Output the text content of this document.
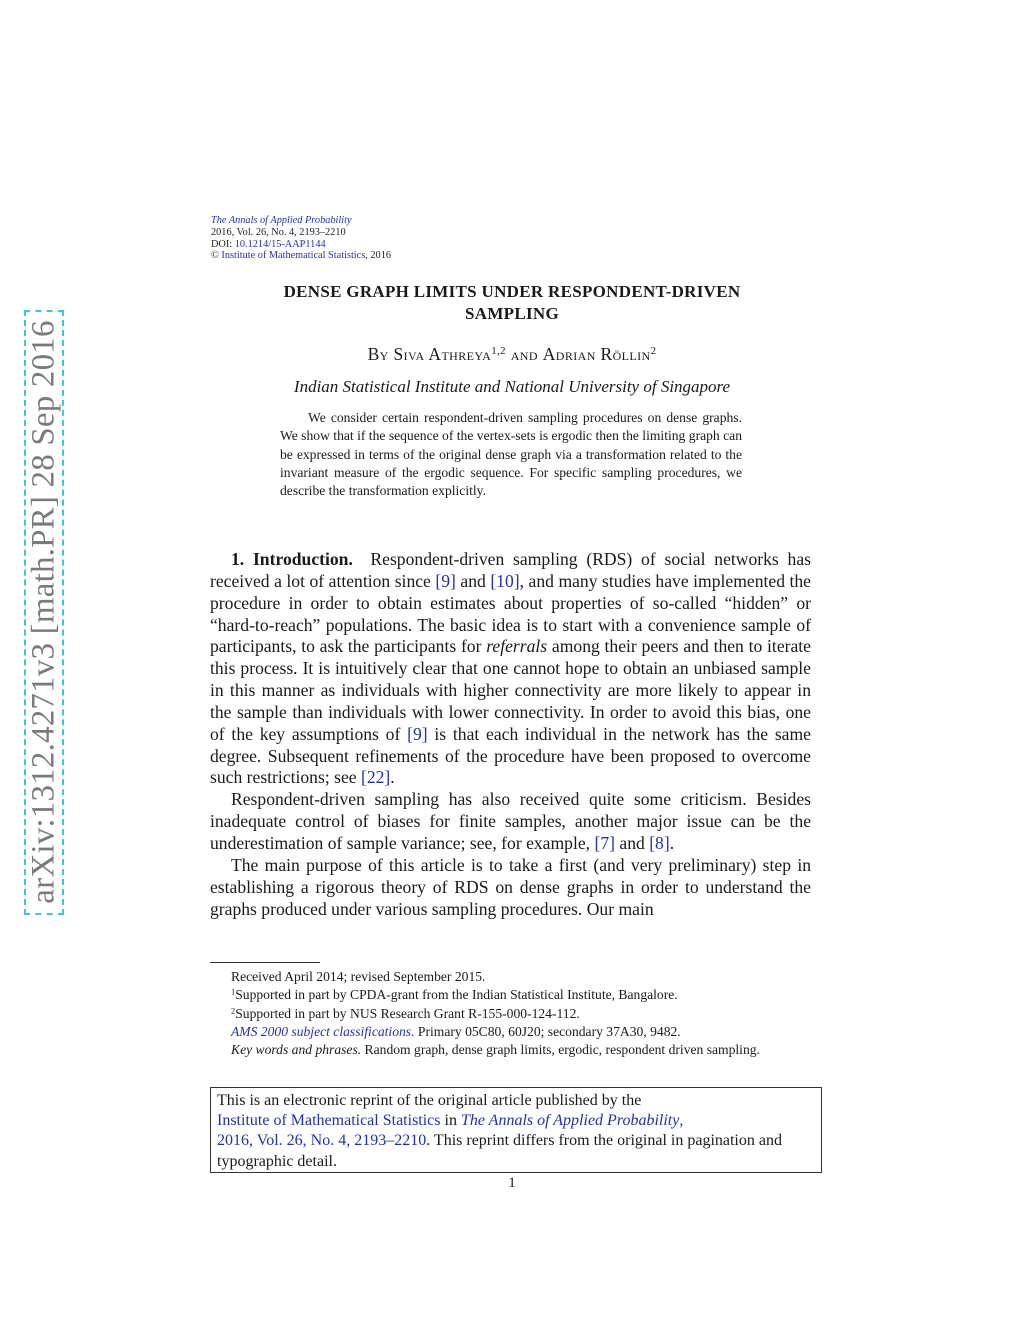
arXiv:1312.4271v3 [math.PR] 28 Sep 2016
The Annals of Applied Probability
2016, Vol. 26, No. 4, 2193–2210
DOI: 10.1214/15-AAP1144
© Institute of Mathematical Statistics, 2016
DENSE GRAPH LIMITS UNDER RESPONDENT-DRIVEN
SAMPLING
By Siva Athreya$^{1,2}$ and Adrian Röllin$^2$
Indian Statistical Institute and National University of Singapore
We consider certain respondent-driven sampling procedures on dense graphs. We show that if the sequence of the vertex-sets is ergodic then the limiting graph can be expressed in terms of the original dense graph via a transformation related to the invariant measure of the ergodic sequence. For specific sampling procedures, we describe the transformation explicitly.

1. Introduction. Respondent-driven sampling (RDS) of social networks has received a lot of attention since [9] and [10], and many studies have implemented the procedure in order to obtain estimates about properties of so-called “hidden” or “hard-to-reach” populations. The basic idea is to start with a convenience sample of participants, to ask the participants for referrals among their peers and then to iterate this process. It is intuitively clear that one cannot hope to obtain an unbiased sample in this manner as individuals with higher connectivity are more likely to appear in the sample than individuals with lower connectivity. In order to avoid this bias, one of the key assumptions of [9] is that each individual in the network has the same degree. Subsequent refinements of the procedure have been proposed to overcome such restrictions; see [22].

Respondent-driven sampling has also received quite some criticism. Besides inadequate control of biases for finite samples, another major issue can be the underestimation of sample variance; see, for example, [7] and [8].

The main purpose of this article is to take a first (and very preliminary) step in establishing a rigorous theory of RDS on dense graphs in order to understand the graphs produced under various sampling procedures. Our main

Received April 2014; revised September 2015.

$^1$Supported in part by CPDA-grant from the Indian Statistical Institute, Bangalore.

$^2$Supported in part by NUS Research Grant R-155-000-124-112.

AMS 2000 subject classifications. Primary 05C80, 60J20; secondary 37A30, 9482.

Key words and phrases. Random graph, dense graph limits, ergodic, respondent driven sampling.

This is an electronic reprint of the original article published by the
Institute of Mathematical Statistics in The Annals of Applied Probability,
2016, Vol. 26, No. 4, 2193–2210. This reprint differs from the original in pagination and typographic detail.
1
